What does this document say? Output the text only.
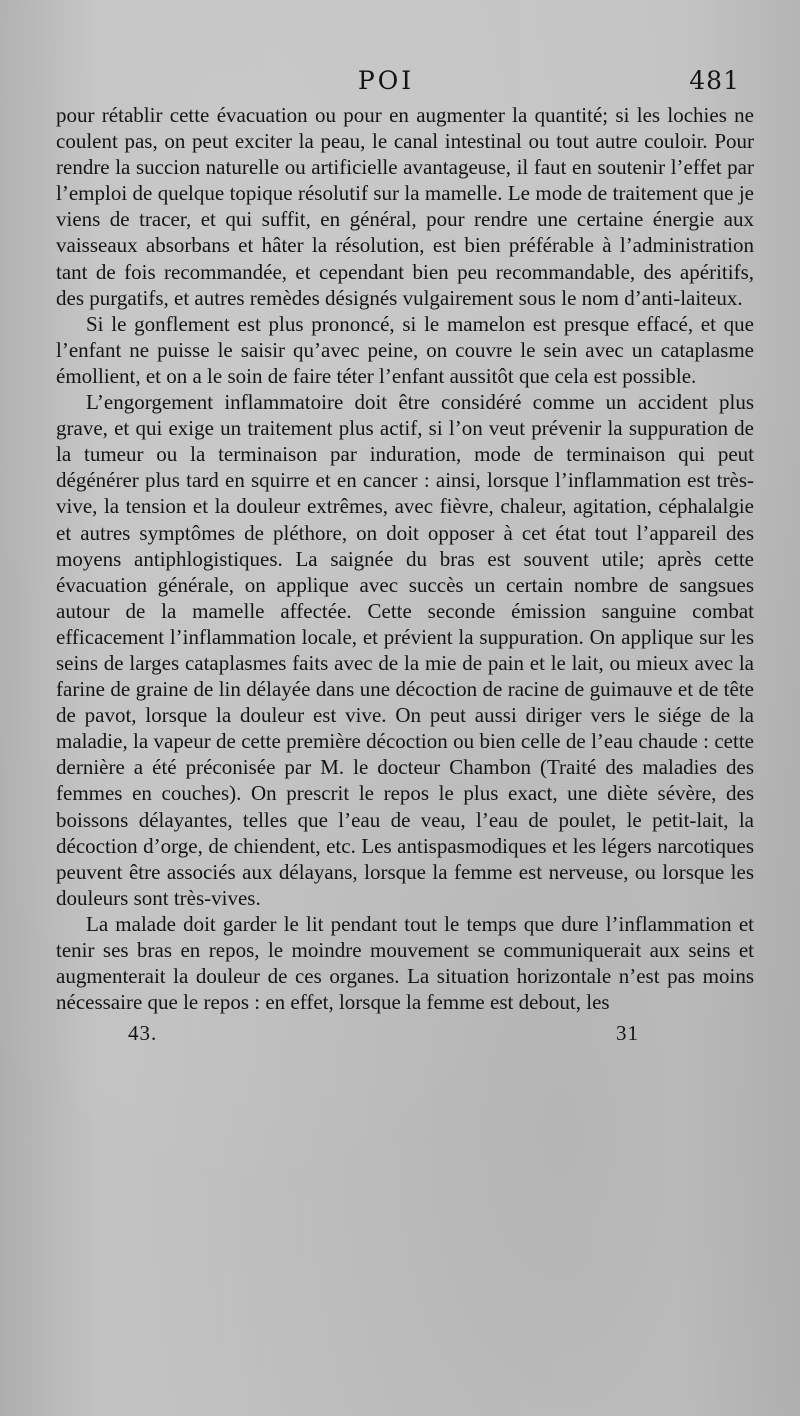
POI	481

pour rétablir cette évacuation ou pour en augmenter la quantité; si les lochies ne coulent pas, on peut exciter la peau, le canal intestinal ou tout autre couloir. Pour rendre la succion naturelle ou artificielle avantageuse, il faut en soutenir l’effet par l’emploi de quelque topique résolutif sur la mamelle. Le mode de traitement que je viens de tracer, et qui suffit, en général, pour rendre une certaine énergie aux vaisseaux absorbans et hâter la résolution, est bien préférable à l’administration tant de fois recommandée, et cependant bien peu recommandable, des apéritifs, des purgatifs, et autres remèdes désignés vulgairement sous le nom d’anti-laiteux.

Si le gonflement est plus prononcé, si le mamelon est presque effacé, et que l’enfant ne puisse le saisir qu’avec peine, on couvre le sein avec un cataplasme émollient, et on a le soin de faire téter l’enfant aussitôt que cela est possible.

L’engorgement inflammatoire doit être considéré comme un accident plus grave, et qui exige un traitement plus actif, si l’on veut prévenir la suppuration de la tumeur ou la terminaison par induration, mode de terminaison qui peut dégénérer plus tard en squirre et en cancer : ainsi, lorsque l’inflammation est très-vive, la tension et la douleur extrêmes, avec fièvre, chaleur, agitation, céphalalgie et autres symptômes de pléthore, on doit opposer à cet état tout l’appareil des moyens antiphlogistiques. La saignée du bras est souvent utile; après cette évacuation générale, on applique avec succès un certain nombre de sangsues autour de la mamelle affectée. Cette seconde émission sanguine combat efficacement l’inflammation locale, et prévient la suppuration. On applique sur les seins de larges cataplasmes faits avec de la mie de pain et le lait, ou mieux avec la farine de graine de lin délayée dans une décoction de racine de guimauve et de tête de pavot, lorsque la douleur est vive. On peut aussi diriger vers le siége de la maladie, la vapeur de cette première décoction ou bien celle de l’eau chaude : cette dernière a été préconisée par M. le docteur Chambon (Traité des maladies des femmes en couches). On prescrit le repos le plus exact, une diète sévère, des boissons délayantes, telles que l’eau de veau, l’eau de poulet, le petit-lait, la décoction d’orge, de chiendent, etc. Les antispasmodiques et les légers narcotiques peuvent être associés aux délayans, lorsque la femme est nerveuse, ou lorsque les douleurs sont très-vives.

La malade doit garder le lit pendant tout le temps que dure l’inflammation et tenir ses bras en repos, le moindre mouvement se communiquerait aux seins et augmenterait la douleur de ces organes. La situation horizontale n’est pas moins nécessaire que le repos : en effet, lorsque la femme est debout, les

43.	31
